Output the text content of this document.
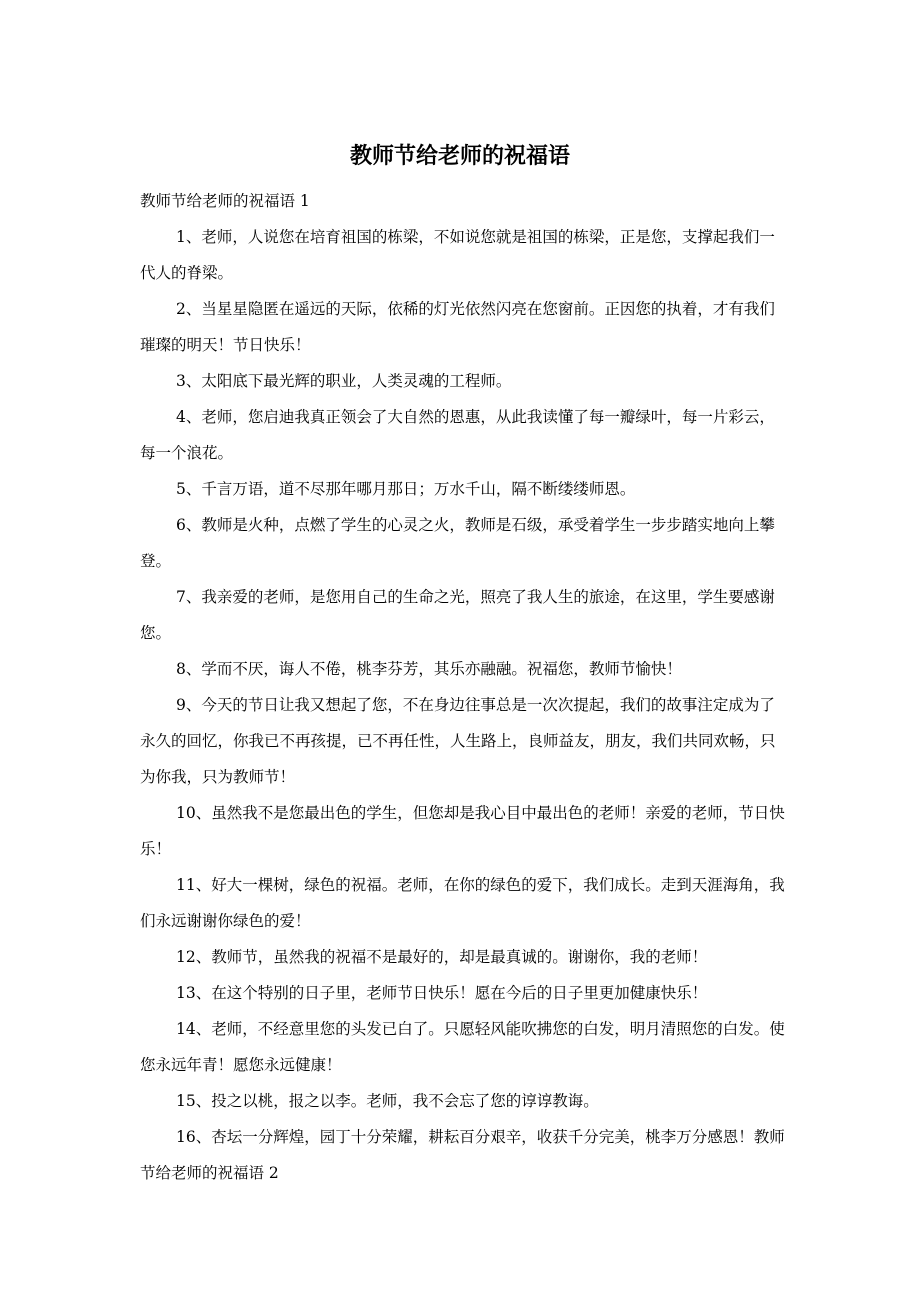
教师节给老师的祝福语

教师节给老师的祝福语 1

1、老师，人说您在培育祖国的栋梁，不如说您就是祖国的栋梁，正是您，支撑起我们一代人的脊梁。

2、当星星隐匿在遥远的天际，依稀的灯光依然闪亮在您窗前。正因您的执着，才有我们璀璨的明天！节日快乐！

3、太阳底下最光辉的职业，人类灵魂的工程师。

4、老师，您启迪我真正领会了大自然的恩惠，从此我读懂了每一瓣绿叶，每一片彩云，每一个浪花。

5、千言万语，道不尽那年哪月那日；万水千山，隔不断缕缕师恩。

6、教师是火种，点燃了学生的心灵之火，教师是石级，承受着学生一步步踏实地向上攀登。

7、我亲爱的老师，是您用自己的生命之光，照亮了我人生的旅途，在这里，学生要感谢您。

8、学而不厌，诲人不倦，桃李芬芳，其乐亦融融。祝福您，教师节愉快！

9、今天的节日让我又想起了您，不在身边往事总是一次次提起，我们的故事注定成为了永久的回忆，你我已不再孩提，已不再任性，人生路上，良师益友，朋友，我们共同欢畅，只为你我，只为教师节！

10、虽然我不是您最出色的学生，但您却是我心目中最出色的老师！亲爱的老师，节日快乐！

11、好大一棵树，绿色的祝福。老师，在你的绿色的爱下，我们成长。走到天涯海角，我们永远谢谢你绿色的爱！

12、教师节，虽然我的祝福不是最好的，却是最真诚的。谢谢你，我的老师！

13、在这个特别的日子里，老师节日快乐！愿在今后的日子里更加健康快乐！

14、老师，不经意里您的头发已白了。只愿轻风能吹拂您的白发，明月清照您的白发。使您永远年青！愿您永远健康！

15、投之以桃，报之以李。老师，我不会忘了您的谆谆教诲。

16、杏坛一分辉煌，园丁十分荣耀，耕耘百分艰辛，收获千分完美，桃李万分感恩！教师节给老师的祝福语 2
